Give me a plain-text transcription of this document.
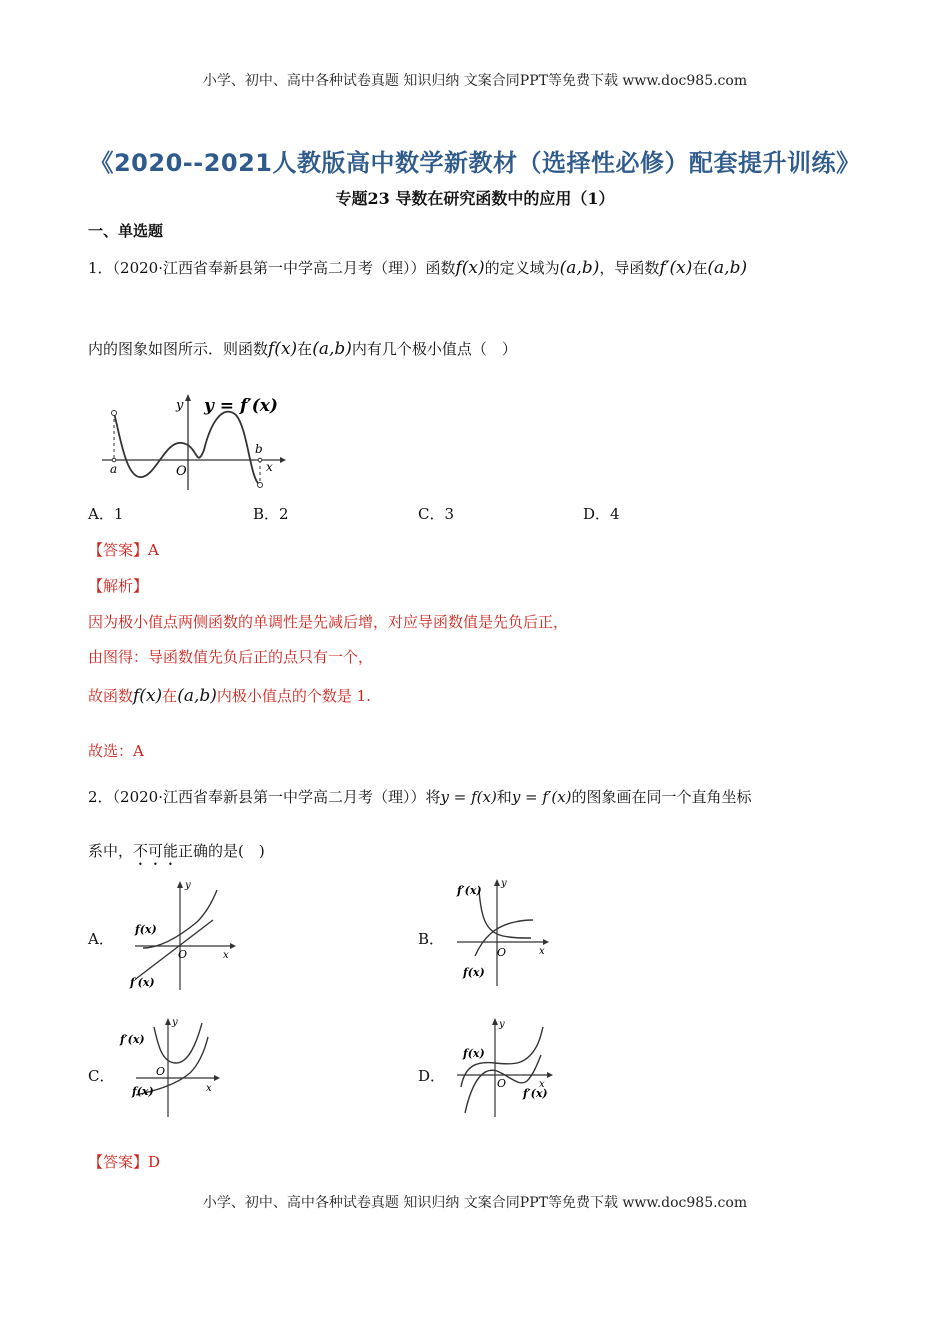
小学、初中、高中各种试卷真题 知识归纳 文案合同PPT等免费下载 www.doc985.com
《2020--2021人教版高中数学新教材（选择性必修）配套提升训练》
专题23 导数在研究函数中的应用（1）
一、单选题
1．（2020·江西省奉新县第一中学高二月考（理））函数f(x)的定义域为(a,b)，导函数f′(x)在(a,b)
内的图象如图所示．则函数f(x)在(a,b)内有几个极小值点（　）
y y = f′(x)
a
b
O	x
A．1	B．2	C．3	D．4
【答案】A
【解析】
因为极小值点两侧函数的单调性是先减后增，对应导函数值是先负后正，
由图得：导函数值先负后正的点只有一个，
故函数f(x)在(a,b)内极小值点的个数是 1.
故选：A
2．（2020·江西省奉新县第一中学高二月考（理））将y = f(x)和y = f′(x)的图象画在同一个直角坐标
系中，不可能正确的是(　)
A．	B．
C．	D．
y
f(x)
f′(x)
O	x
y
f′(x)
f(x)
O	x
y
f′(x)
f(x)
O
x
y
f(x)
f′(x)
O	x
【答案】D
小学、初中、高中各种试卷真题 知识归纳 文案合同PPT等免费下载 www.doc985.com
